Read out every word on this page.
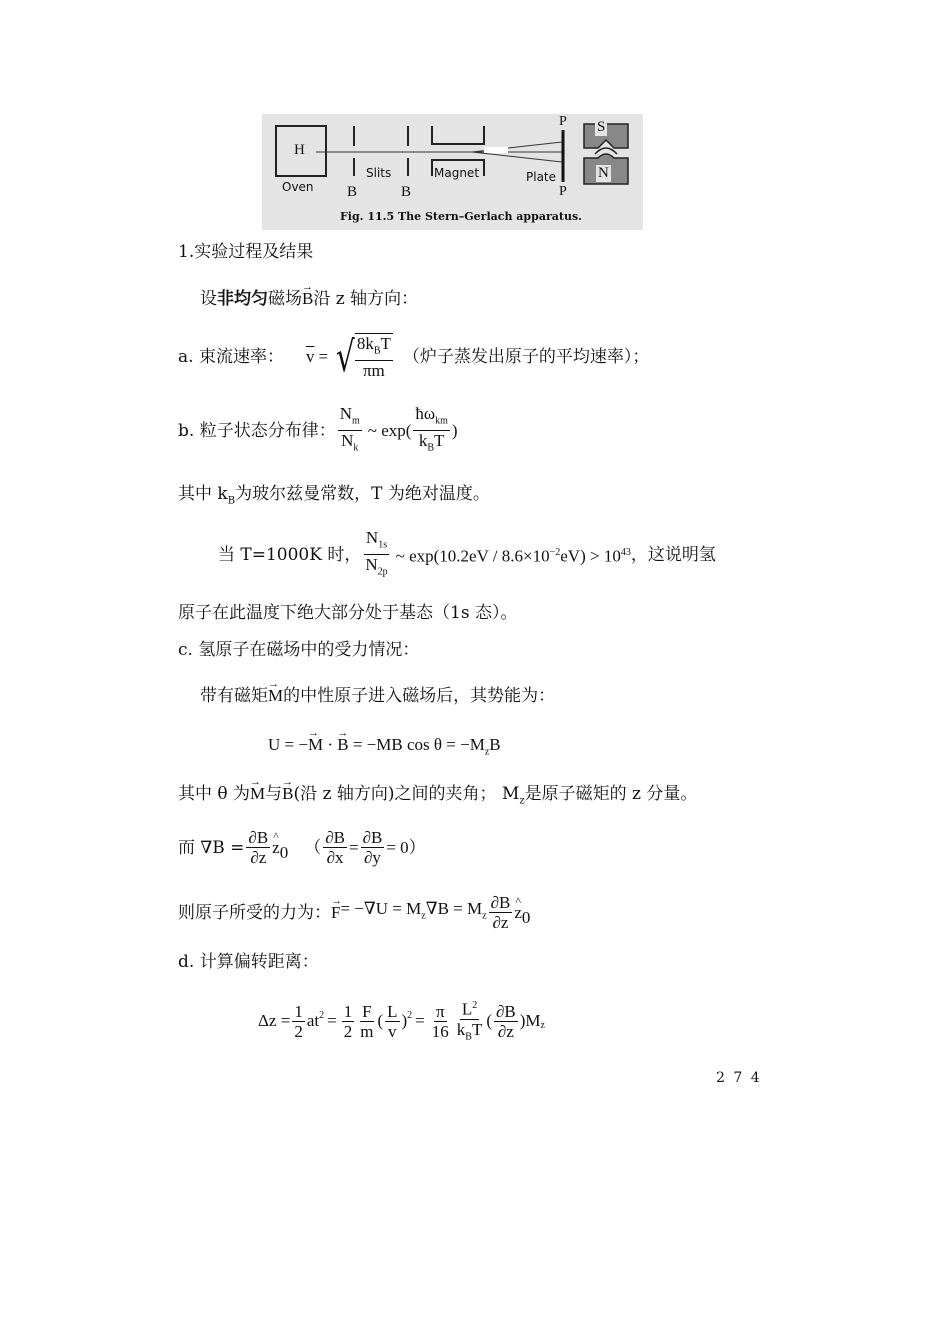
H
Oven B
Slits
B
Magnet	Plate
P
P
S
N
Fig. 11.5 The Stern–Gerlach apparatus.
1.实验过程及结果
设非均匀磁场→ B沿 z 轴方向：
a. 束流速率： $\overline{v}$ = √ $\frac{8k_BT}{\pi m}$ （炉子蒸发出原子的平均速率）；
b. 粒子状态分布律： $\frac{N_m}{N_k}$ ~ $\exp( \frac{ħ\omega_{km}}{k_BT}$ )
其中 $k_B$为玻尔兹曼常数，T 为绝对温度。
当 T=1000K 时， $\frac{N_{1s}}{N_{2p}}$ ~ $\exp(10.2eV / 8.6\times 10^{-2}eV) > 10^{43}$ ，这说明氢
原子在此温度下绝大部分处于基态（1s 态）。
c. 氢原子在磁场中的受力情况：
带有磁矩→ M的中性原子进入磁场后，其势能为：
U = −→ M · → B = −MB $\cos \theta = -M_zB$
其中 θ 为→ M与→ B(沿 z 轴方向)之间的夹角； $M_z$是原子磁矩的 z 分量。
而 $\nabla B = \frac{\partial B}{\partial z}$ ^ z 0 （ $\frac{\partial B}{\partial x} = \frac{\partial B}{\partial y} = 0$）
则原子所受的力为： → $F = -\nabla U = M_z\nabla B = M_z \frac{\partial B}{\partial z}$ ^ z 0
d. 计算偏转距离：
$\Delta z = \frac{1}{2} at^2 = \frac{1}{2} \frac{F}{m}$ ( $\frac{L}{v} )^2 = \frac{\pi}{16} \frac{L^2}{k_BT}$ ( $\frac{\partial B}{\partial z}$ ) $M_z$
2 7 4
